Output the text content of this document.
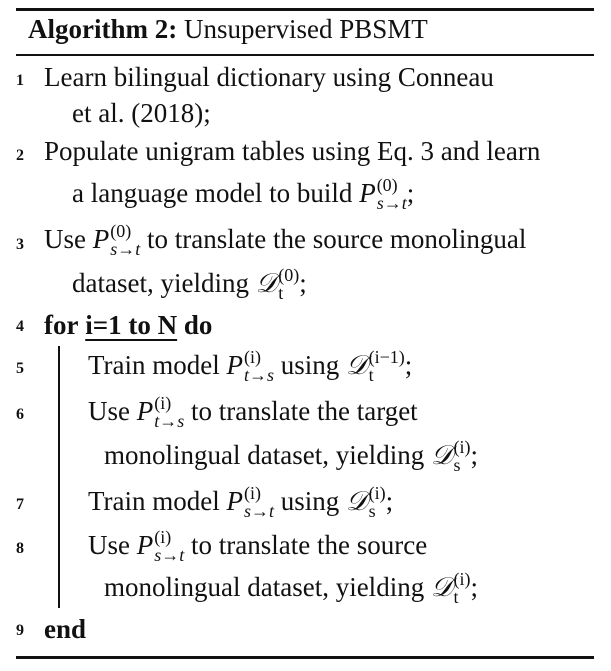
Algorithm 2: Unsupervised PBSMT
1
2
3
4
5
6
7
8
9
Learn bilingual dictionary using Conneau
et al. (2018);
Populate unigram tables using Eq. 3 and learn
a language model to build P (0)
s→t ;
Use P (0)
s→t to translate the source monolingual
dataset, yielding 𝒟 (0)
t ;
for i=1 to N do
Train model P (i)
t→s using 𝒟 (i−1)
t	;
Use P (i)
t→s to translate the target
monolingual dataset, yielding 𝒟 (i)
s ;
Train model P (i)
s→t using 𝒟 (i)
s ;
Use P (i)
s→t to translate the source
monolingual dataset, yielding 𝒟 (i)
t ;
end
